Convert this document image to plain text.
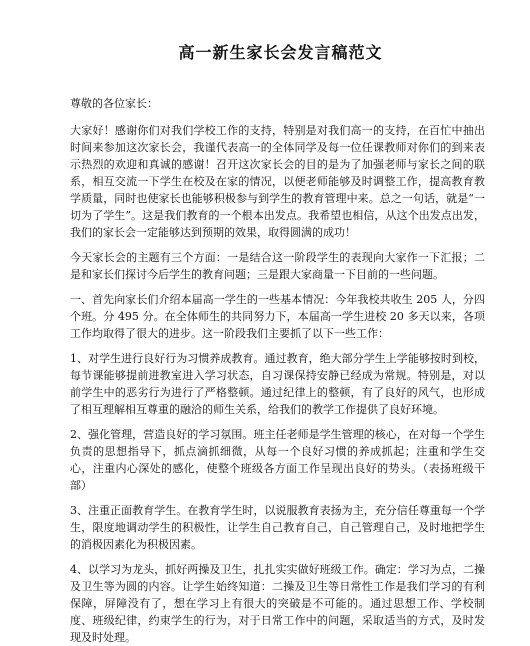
高一新生家长会发言稿范文

尊敬的各位家长：

大家好！感谢你们对我们学校工作的支持，特别是对我们高一的支持，在百忙中抽出时间来参加这次家长会，我谨代表高一的全体同学及每一位任课教师对你们的到来表示热烈的欢迎和真诚的感谢！召开这次家长会的目的是为了加强老师与家长之间的联系，相互交流一下学生在校及在家的情况，以便老师能够及时调整工作，提高教育教学质量，同时也使家长也能够积极参与到学生的教育管理中来。总之一句话，就是“一切为了学生”。这是我们教育的一个根本出发点。我希望也相信，从这个出发点出发，我们的家长会一定能够达到预期的效果，取得圆满的成功！

今天家长会的主题有三个方面：一是结合这一阶段学生的表现向大家作一下汇报；二是和家长们探讨今后学生的教育问题；三是跟大家商量一下目前的一些问题。

一、首先向家长们介绍本届高一学生的一些基本情况：今年我校共收生 205 人，分四个班。分 495 分。在全体师生的共同努力下，本届高一学生进校 20 多天以来，各项工作均取得了很大的进步。这一阶段我们主要抓了以下一些工作：

1、对学生进行良好行为习惯养成教育。通过教育，绝大部分学生上学能够按时到校，每节课能够提前进教室进入学习状态，自习课保持安静已经成为常规。特别是，对以前学生中的恶劣行为进行了严格整顿。通过纪律上的整顿，有了良好的风气，也形成了相互理解相互尊重的融洽的师生关系，给我们的教学工作提供了良好环境。

2、强化管理，营造良好的学习氛围。班主任老师是学生管理的核心，在对每一个学生负责的思想指导下，抓点滴抓细微，从每一个良好习惯的养成抓起；注重和学生交心，注重内心深处的感化，使整个班级各方面工作呈现出良好的势头。（表扬班级干部）

3、注重正面教育学生。在教育学生时，以说服教育表扬为主，充分信任尊重每一个学生，限度地调动学生的积极性，让学生自己教育自己，自己管理自己，及时地把学生的消极因素化为积极因素。

4、以学习为龙头，抓好两操及卫生，扎扎实实做好班级工作。确定：学习为点，二操及卫生等为圆的内容。让学生始终知道：二操及卫生等日常性工作是我们学习的有利保障，屏障没有了，想在学习上有很大的突破是不可能的。通过思想工作、学校制度、班级纪律，约束学生的行为，对于日常工作中的问题，采取适当的方式，及时发现及时处理。
